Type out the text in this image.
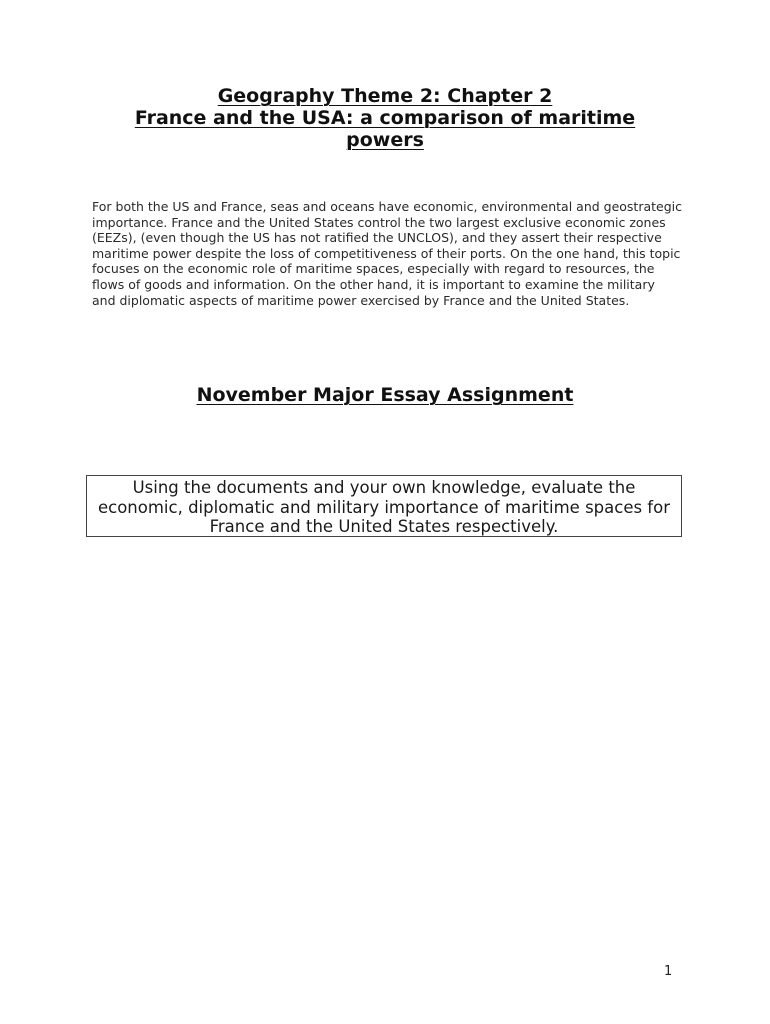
Geography Theme 2: Chapter 2
France and the USA: a comparison of maritime powers

For both the US and France, seas and oceans have economic, environmental and geostrategic importance. France and the United States control the two largest exclusive economic zones (EEZs), (even though the US has not ratified the UNCLOS), and they assert their respective maritime power despite the loss of competitiveness of their ports. On the one hand, this topic focuses on the economic role of maritime spaces, especially with regard to resources, the flows of goods and information. On the other hand, it is important to examine the military and diplomatic aspects of maritime power exercised by France and the United States.

November Major Essay Assignment
Using the documents and your own knowledge, evaluate the economic, diplomatic and military importance of maritime spaces for France and the United States respectively.
1
